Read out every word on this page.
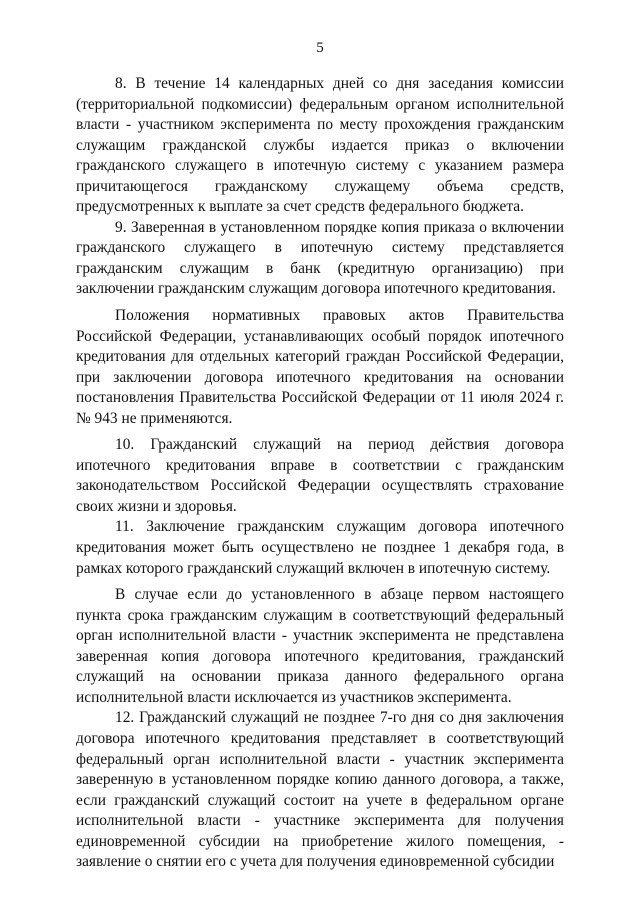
5

8. В течение 14 календарных дней со дня заседания комиссии (территориальной подкомиссии) федеральным органом исполнительной власти - участником эксперимента по месту прохождения гражданским служащим гражданской службы издается приказ о включении гражданского служащего в ипотечную систему с указанием размера причитающегося гражданскому служащему объема средств, предусмотренных к выплате за счет средств федерального бюджета.

9. Заверенная в установленном порядке копия приказа о включении гражданского служащего в ипотечную систему представляется гражданским служащим в банк (кредитную организацию) при заключении гражданским служащим договора ипотечного кредитования.

Положения нормативных правовых актов Правительства Российской Федерации, устанавливающих особый порядок ипотечного кредитования для отдельных категорий граждан Российской Федерации, при заключении договора ипотечного кредитования на основании постановления Правительства Российской Федерации от 11 июля 2024 г. № 943 не применяются.

10. Гражданский служащий на период действия договора ипотечного кредитования вправе в соответствии с гражданским законодательством Российской Федерации осуществлять страхование своих жизни и здоровья.

11. Заключение гражданским служащим договора ипотечного кредитования может быть осуществлено не позднее 1 декабря года, в рамках которого гражданский служащий включен в ипотечную систему.

В случае если до установленного в абзаце первом настоящего пункта срока гражданским служащим в соответствующий федеральный орган исполнительной власти - участник эксперимента не представлена заверенная копия договора ипотечного кредитования, гражданский служащий на основании приказа данного федерального органа исполнительной власти исключается из участников эксперимента.

12. Гражданский служащий не позднее 7-го дня со дня заключения договора ипотечного кредитования представляет в соответствующий федеральный орган исполнительной власти - участник эксперимента заверенную в установленном порядке копию данного договора, а также, если гражданский служащий состоит на учете в федеральном органе исполнительной власти - участнике эксперимента для получения единовременной субсидии на приобретение жилого помещения, - заявление о снятии его с учета для получения единовременной субсидии
